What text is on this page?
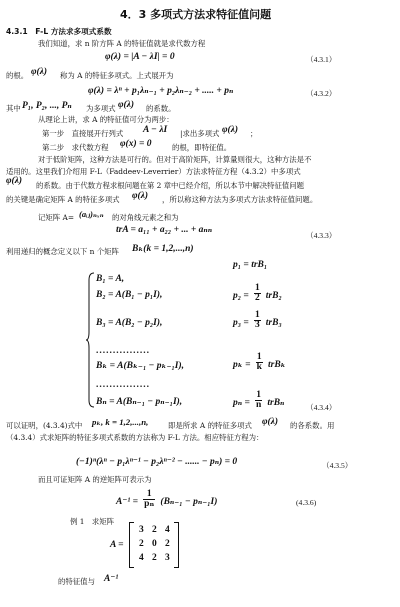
4．3 多项式方法求特征值问题
4.3.1　F-L 方法求多项式系数
我们知道，求 n 阶方阵 A 的特征值就是求代数方程
φ(λ) = |A − λI| = 0	（4.3.1）
的根。 φ(λ) 称为 A 的特征多项式。上式展开为
φ(λ) = λⁿ + p₁λₙ₋₁ + p₂λₙ₋₂ + ..... + pₙ	（4.3.2）
其中 P₁, P₂, ..., Pₙ 为多项式 φ(λ) 的系数。
从理论上讲，求 A 的特征值可分为两步：
第一步　直接展开行列式 A − λI |求出多项式 φ(λ) ；
第二步　求代数方程 φ(x) = 0	的根，即特征值。
对于低阶矩阵，这种方法是可行的。但对于高阶矩阵，计算量则很大，这种方法是不
适用的。这里我们介绍用 F-L（Faddeev-Leverrier）方法求特征方程（4.3.2）中多项式
φ(λ) 的系数。由于代数方程求根问题在第 2 章中已经介绍，所以本节中解决特征值问题
的关键是确定矩阵 A 的特征多项式 φ(λ) ，所以称这种方法为多项式方法求特征值问题。
记矩阵 A= (aᵢⱼ)ₙₓₙ 的对角线元素之和为
trA = a₁₁ + a₂₂ + ... + aₙₙ
（4.3.3）
利用递归的概念定义以下 n 个矩阵 Bₖ(k = 1,2,...,n)
B₁ = A,
B₂ = A(B₁ − p₁I),
B₃ = A(B₂ − p₂I),
................
Bₖ = A(Bₖ₋₁ − pₖ₋₁I),
................
Bₙ = A(Bₙ₋₁ − pₙ₋₁I),
p₁ = trB₁
$p_2 = \frac{1}{2} trB_2$
$p_3 = \frac{1}{3} trB_3$
$p_k = \frac{1}{k}$ trBₖ
$p_n = \frac{1}{n}$ trBₙ	（4.3.4）
可以证明，(4.3.4)式中 pₖ, k = 1,2,...,n,	即是所求 A 的特征多项式 φ(λ) 的各系数。用
（4.3.4）式求矩阵的特征多项式系数的方法称为 F-L 方法。相应特征方程为：
(−1)ⁿ(λⁿ − p₁λⁿ⁻¹ − p₂λⁿ⁻² − ...... − pₙ) = 0	（4.3.5）
而且可证矩阵 A 的逆矩阵可表示为
$A^{-1} = \frac{1}{\text{pₙ}} (B_{n-1} - p_{n-1}I)$	(4.3.6)
例 1　求矩阵
A =
3 2 4
2 0 2
4 2 3
的特征值与 A⁻¹
